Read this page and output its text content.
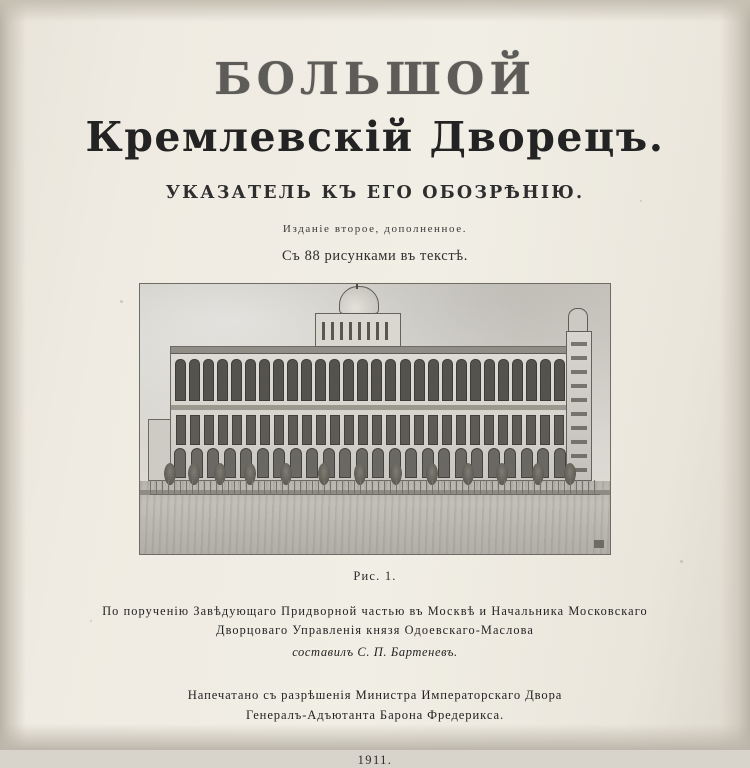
БОЛЬШОЙ
Кремлевскiй Дворецъ.
УКАЗАТЕЛЬ КЪ ЕГО ОБОЗРѢНIЮ.
Изданie второе, дополненное.
Съ 88 рисунками въ текстѣ.
Рис. 1.
По порученію Завѣдующаго Придворной частью въ Москвѣ и Начальника Московскаго
Дворцоваго Управленія князя Одоевскаго-Маслова
составилъ С. П. Бартеневъ.
Напечатано съ разрѣшенія Министра Императорскаго Двора
Генералъ-Адъютанта Барона Фредерикса.
1911.
